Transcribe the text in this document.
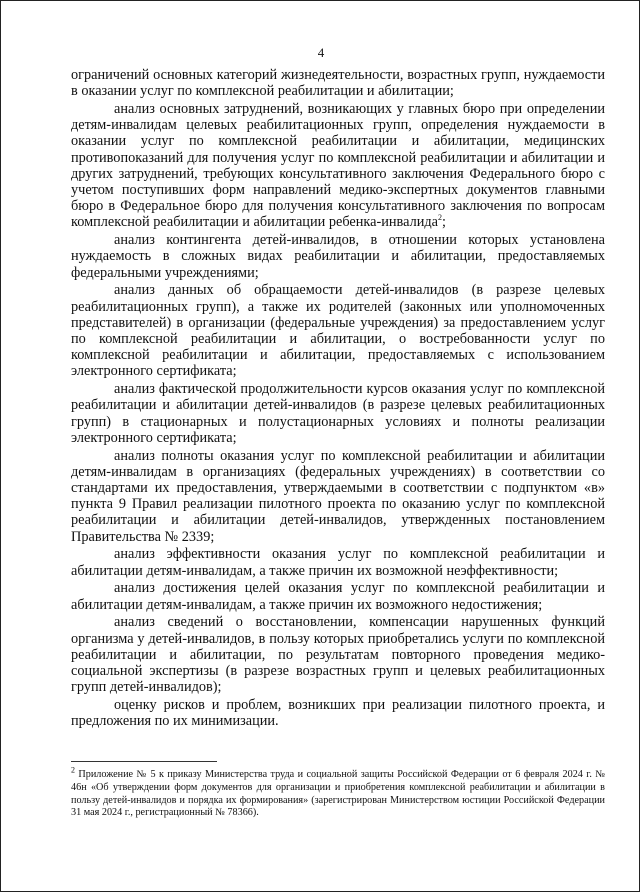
4

ограничений основных категорий жизнедеятельности, возрастных групп, нуждаемости в оказании услуг по комплексной реабилитации и абилитации;

анализ основных затруднений, возникающих у главных бюро при определении детям-инвалидам целевых реабилитационных групп, определения нуждаемости в оказании услуг по комплексной реабилитации и абилитации, медицинских противопоказаний для получения услуг по комплексной реабилитации и абилитации и других затруднений, требующих консультативного заключения Федерального бюро с учетом поступивших форм направлений медико-экспертных документов главными бюро в Федеральное бюро для получения консультативного заключения по вопросам комплексной реабилитации и абилитации ребенка-инвалида$^2$;

анализ контингента детей-инвалидов, в отношении которых установлена нуждаемость в сложных видах реабилитации и абилитации, предоставляемых федеральными учреждениями;

анализ данных об обращаемости детей-инвалидов (в разрезе целевых реабилитационных групп), а также их родителей (законных или уполномоченных представителей) в организации (федеральные учреждения) за предоставлением услуг по комплексной реабилитации и абилитации, о востребованности услуг по комплексной реабилитации и абилитации, предоставляемых с использованием электронного сертификата;

анализ фактической продолжительности курсов оказания услуг по комплексной реабилитации и абилитации детей-инвалидов (в разрезе целевых реабилитационных групп) в стационарных и полустационарных условиях и полноты реализации электронного сертификата;

анализ полноты оказания услуг по комплексной реабилитации и абилитации детям-инвалидам в организациях (федеральных учреждениях) в соответствии со стандартами их предоставления, утверждаемыми в соответствии с подпунктом «в» пункта 9 Правил реализации пилотного проекта по оказанию услуг по комплексной реабилитации и абилитации детей-инвалидов, утвержденных постановлением Правительства № 2339;

анализ эффективности оказания услуг по комплексной реабилитации и абилитации детям-инвалидам, а также причин их возможной неэффективности;

анализ достижения целей оказания услуг по комплексной реабилитации и абилитации детям-инвалидам, а также причин их возможного недостижения;

анализ сведений о восстановлении, компенсации нарушенных функций организма у детей-инвалидов, в пользу которых приобретались услуги по комплексной реабилитации и абилитации, по результатам повторного проведения медико-социальной экспертизы (в разрезе возрастных групп и целевых реабилитационных групп детей-инвалидов);

оценку рисков и проблем, возникших при реализации пилотного проекта, и предложения по их минимизации.

$^2$ Приложение № 5 к приказу Министерства труда и социальной защиты Российской Федерации от 6 февраля 2024 г. № 46н «Об утверждении форм документов для организации и приобретения комплексной реабилитации и абилитации в пользу детей-инвалидов и порядка их формирования» (зарегистрирован Министерством юстиции Российской Федерации 31 мая 2024 г., регистрационный № 78366).
